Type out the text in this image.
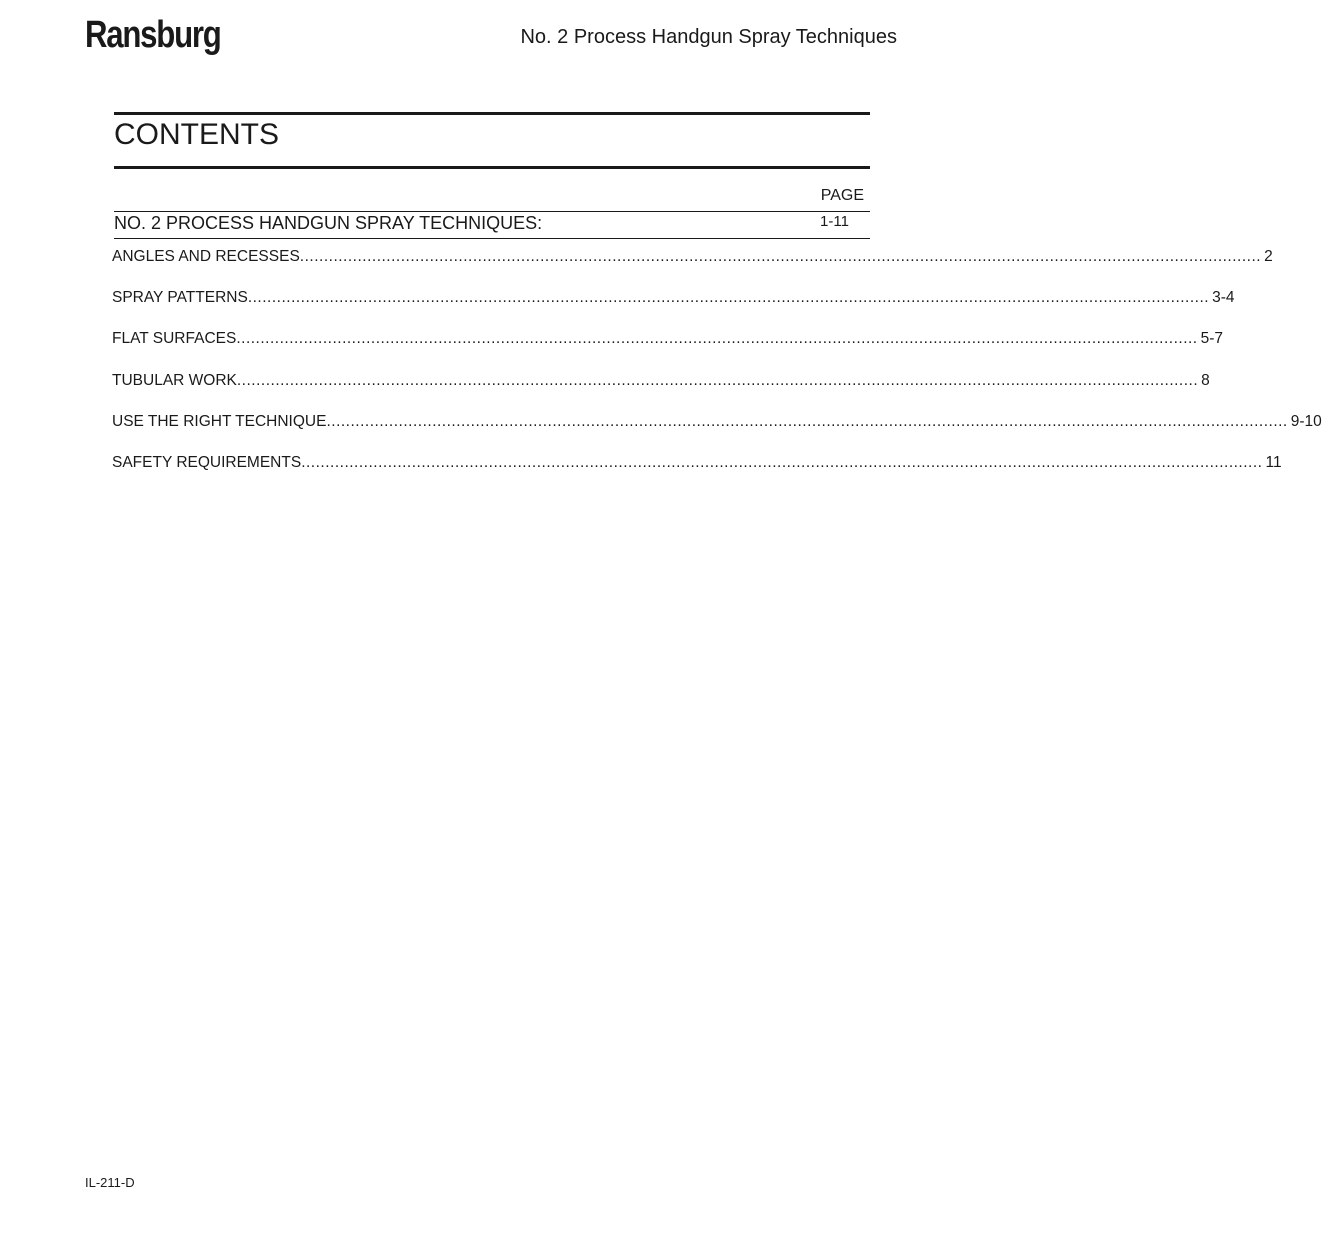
Ransburg	No. 2 Process Handgun Spray Techniques
CONTENTS
PAGE
NO. 2 PROCESS HANDGUN SPRAY TECHNIQUES:	1-11
ANGLES AND RECESSES ........................................................................................................................................................................................................ 2
SPRAY PATTERNS ........................................................................................................................................................................................................ 3-4
FLAT SURFACES ........................................................................................................................................................................................................ 5-7
TUBULAR WORK ........................................................................................................................................................................................................ 8
USE THE RIGHT TECHNIQUE ........................................................................................................................................................................................................ 9-10
SAFETY REQUIREMENTS ........................................................................................................................................................................................................ 11
IL-211-D
